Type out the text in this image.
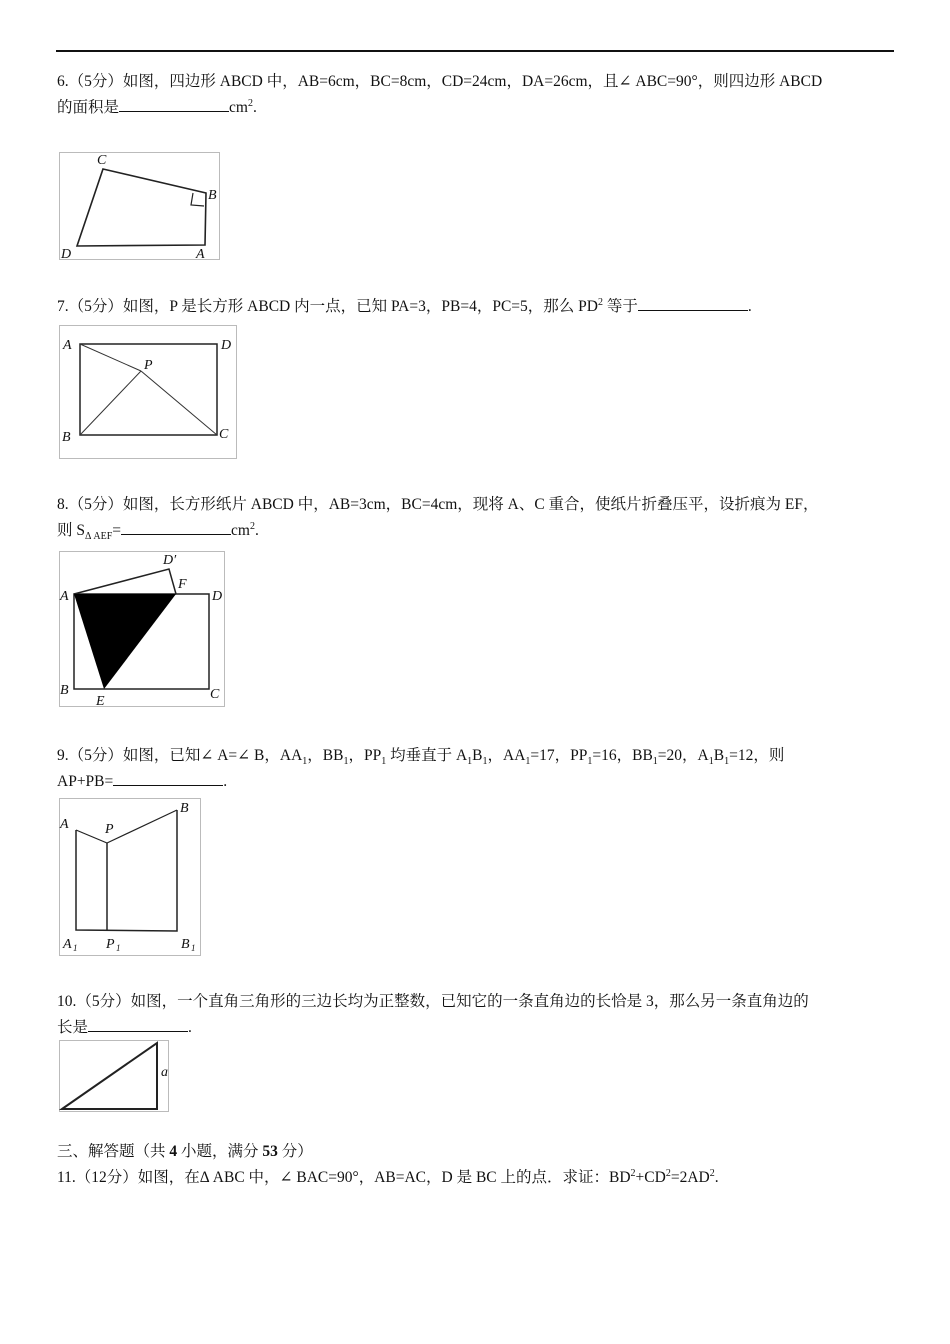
6.（5分）如图，四边形 ABCD 中，AB=6cm，BC=8cm，CD=24cm，DA=26cm，且∠ ABC=90°，则四边形 ABCD
的面积是	$cm^2$.
C
B
D	A
7.（5分）如图，P 是长方形 ABCD 内一点，已知 PA=3，PB=4，PC=5，那么 $PD^2$ 等于	.
A	D
P
B	C
8.（5分）如图，长方形纸片 ABCD 中，AB=3cm，BC=4cm，现将 A、C 重合，使纸片折叠压平，设折痕为 EF，
则 $S_{\Delta AEF}=$	$cm^2$.
D′
F
A	D
B
E	C
9.（5分）如图，已知∠ A=∠ B，$AA_1$，$BB_1$，$PP_1$ 均垂直于 $A_1B_1$，$AA_1=17$，$PP_1=16$，$BB_1=20$，$A_1B_1=12$，则
AP+PB=	.
A	P
B
A 1 P 1	B 1
10.（5分）如图，一个直角三角形的三边长均为正整数，已知它的一条直角边的长恰是 3，那么另一条直角边的
长是	.
a
三、解答题（共 4 小题，满分 53 分）
11.（12分）如图，在Δ ABC 中，∠ BAC=90°，AB=AC，D 是 BC 上的点．求证：$BD^2+CD^2=2AD^2$.
